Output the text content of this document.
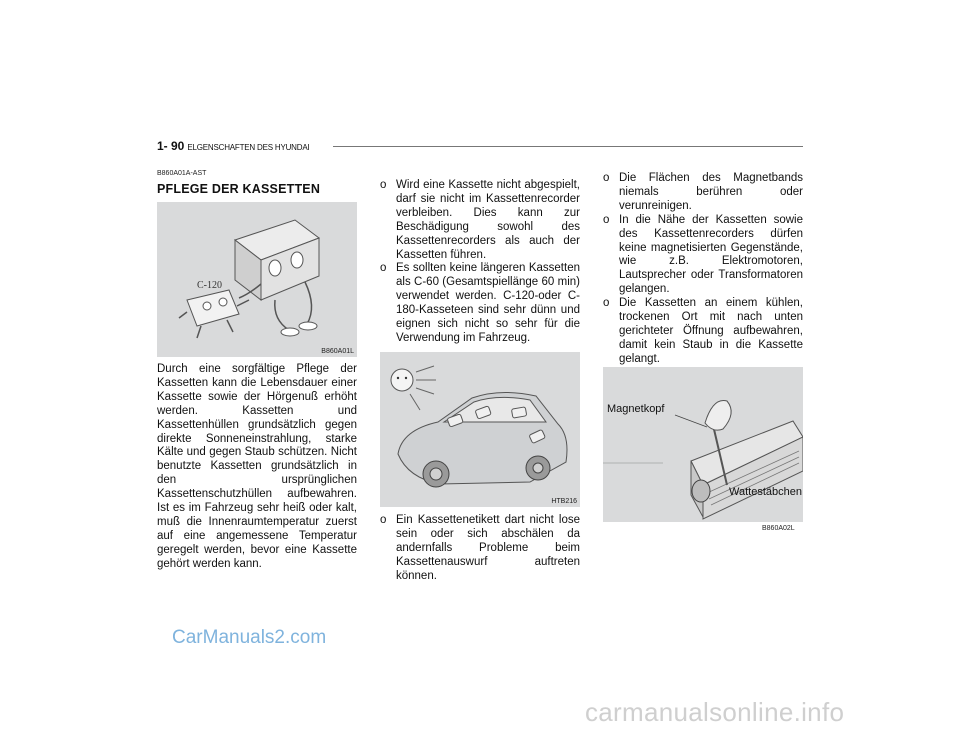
1- 90 ELGENSCHAFTEN DES HYUNDAI
B860A01A-AST
PFLEGE DER KASSETTEN
C-120
B860A01L
Durch eine sorgfältige Pflege der Kassetten kann die Lebensdauer einer Kassette sowie der Hörgenuß erhöht werden. Kassetten und Kassettenhüllen grundsätzlich gegen direkte Sonneneinstrahlung, starke Kälte und gegen Staub schützen. Nicht benutzte Kassetten grundsätzlich in den ursprünglichen Kassettenschutzhüllen aufbewahren. Ist es im Fahrzeug sehr heiß oder kalt, muß die Innenraumtemperatur zuerst auf eine angemessene Temperatur geregelt werden, bevor eine Kassette gehört werden kann.
o Wird eine Kassette nicht abgespielt, darf sie nicht im Kassettenrecorder verbleiben. Dies kann zur Beschädigung sowohl des Kassettenrecorders als auch der Kassetten führen.
o Es sollten keine längeren Kassetten als C-60 (Gesamtspiellänge 60 min) verwendet werden. C-120-oder C-180-Kasseteen sind sehr dünn und eignen sich nicht so sehr für die Verwendung im Fahrzeug.
HTB216
o Ein Kassettenetikett dart nicht lose sein oder sich abschälen da andernfalls Probleme beim Kassettenauswurf auftreten können.
o Die Flächen des Magnetbands niemals berühren oder verunreinigen.
o In die Nähe der Kassetten sowie des Kassettenrecorders dürfen keine magnetisierten Gegenstände, wie z.B. Elektromotoren, Lautsprecher oder Transformatoren gelangen.
o Die Kassetten an einem kühlen, trockenen Ort mit nach unten gerichteter Öffnung aufbewahren, damit kein Staub in die Kassette gelangt.
Magnetkopf
Wattestäbchen
B860A02L
CarManuals2.com
carmanualsonline.info
